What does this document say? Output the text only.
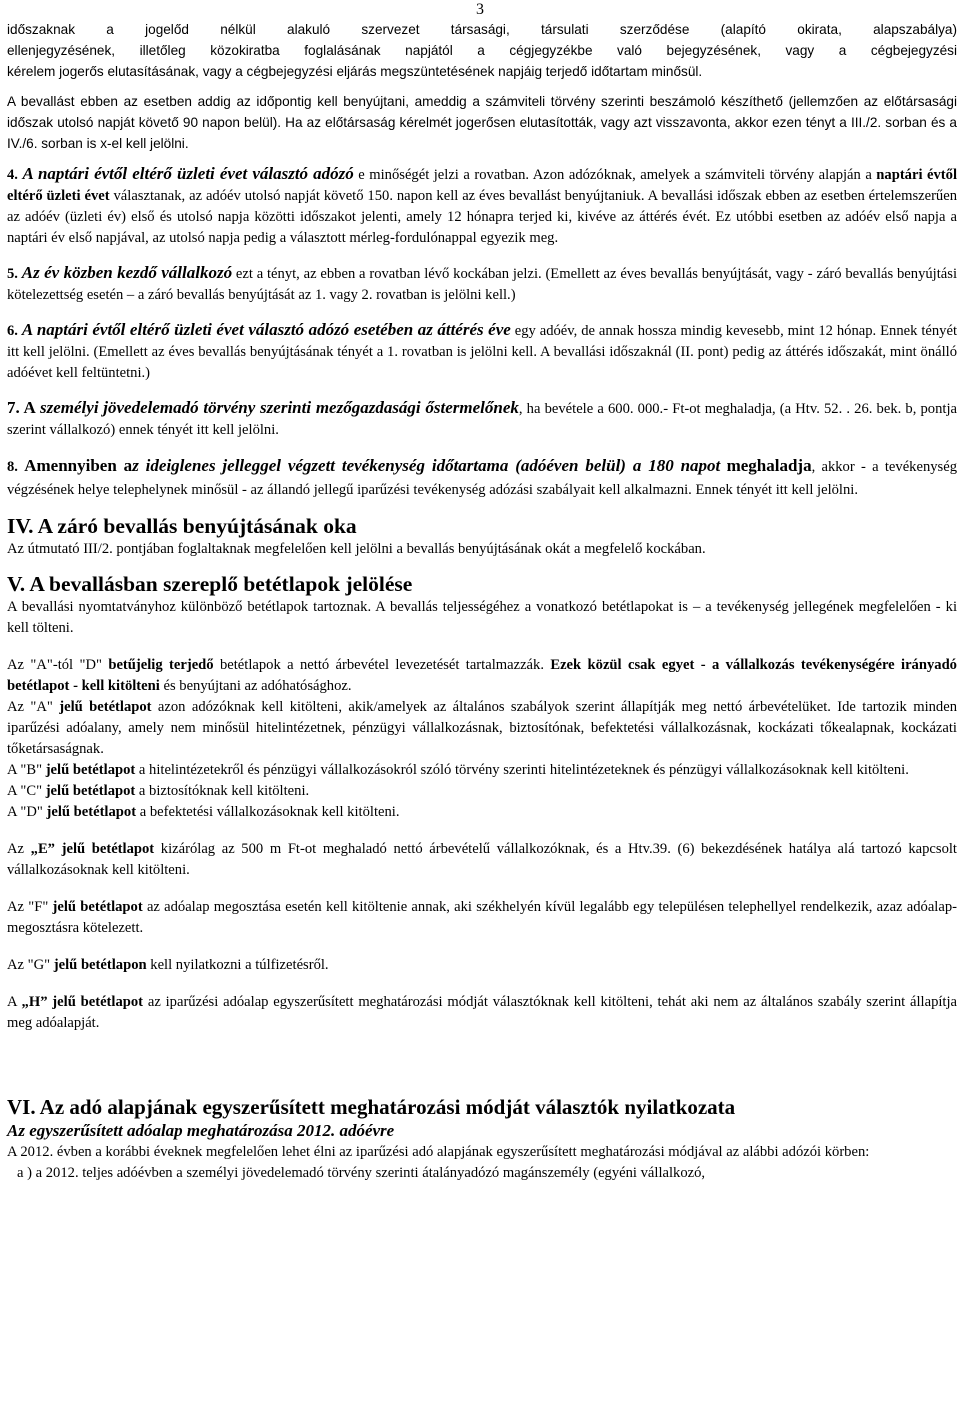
3

időszaknak a jogelőd nélkül alakuló szervezet társasági, társulati szerződése (alapító okirata, alapszabálya)

ellenjegyzésének, illetőleg közokiratba foglalásának napjától a cégjegyzékbe való bejegyzésének, vagy a cégbejegyzési

kérelem jogerős elutasításának, vagy a cégbejegyzési eljárás megszüntetésének napjáig terjedő időtartam minősül.

A bevallást ebben az esetben addig az időpontig kell benyújtani, ameddig a számviteli törvény szerinti beszámoló készíthető (jellemzően az előtársasági időszak utolsó napját követő 90 napon belül). Ha az előtársaság kérelmét jogerősen elutasították, vagy azt visszavonta, akkor ezen tényt a III./2. sorban és a IV./6. sorban is x-el kell jelölni.

4. A naptári évtől eltérő üzleti évet választó adózó e minőségét jelzi a rovatban. Azon adózóknak, amelyek a számviteli törvény alapján a naptári évtől eltérő üzleti évet választanak, az adóév utolsó napját követő 150. napon kell az éves bevallást benyújtaniuk. A bevallási időszak ebben az esetben értelemszerűen az adóév (üzleti év) első és utolsó napja közötti időszakot jelenti, amely 12 hónapra terjed ki, kivéve az áttérés évét. Ez utóbbi esetben az adóév első napja a naptári év első napjával, az utolsó napja pedig a választott mérleg-fordulónappal egyezik meg.

5. Az év közben kezdő vállalkozó ezt a tényt, az ebben a rovatban lévő kockában jelzi. (Emellett az éves bevallás benyújtását, vagy - záró bevallás benyújtási kötelezettség esetén – a záró bevallás benyújtását az 1. vagy 2. rovatban is jelölni kell.)

6. A naptári évtől eltérő üzleti évet választó adózó esetében az áttérés éve egy adóév, de annak hossza mindig kevesebb, mint 12 hónap. Ennek tényét itt kell jelölni. (Emellett az éves bevallás benyújtásának tényét a 1. rovatban is jelölni kell. A bevallási időszaknál (II. pont) pedig az áttérés időszakát, mint önálló adóévet kell feltüntetni.)

7. A személyi jövedelemadó törvény szerinti mezőgazdasági őstermelőnek, ha bevétele a 600. 000.- Ft-ot meghaladja, (a Htv. 52. . 26. bek. b, pontja szerint vállalkozó) ennek tényét itt kell jelölni.

8. Amennyiben az ideiglenes jelleggel végzett tevékenység időtartama (adóéven belül) a 180 napot meghaladja, akkor - a tevékenység végzésének helye telephelynek minősül - az állandó jellegű iparűzési tevékenység adózási szabályait kell alkalmazni. Ennek tényét itt kell jelölni.

IV. A záró bevallás benyújtásának oka

Az útmutató III/2. pontjában foglaltaknak megfelelően kell jelölni a bevallás benyújtásának okát a megfelelő kockában.

V. A bevallásban szereplő betétlapok jelölése

A bevallási nyomtatványhoz különböző betétlapok tartoznak. A bevallás teljességéhez a vonatkozó betétlapokat is – a tevékenység jellegének megfelelően - ki kell tölteni.

Az "A"-tól "D" betűjelig terjedő betétlapok a nettó árbevétel levezetését tartalmazzák. Ezek közül csak egyet - a vállalkozás tevékenységére irányadó betétlapot - kell kitölteni és benyújtani az adóhatósághoz.

Az "A" jelű betétlapot azon adózóknak kell kitölteni, akik/amelyek az általános szabályok szerint állapítják meg nettó árbevételüket. Ide tartozik minden iparűzési adóalany, amely nem minősül hitelintézetnek, pénzügyi vállalkozásnak, biztosítónak, befektetési vállalkozásnak, kockázati tőkealapnak, kockázati tőketársaságnak.

A "B" jelű betétlapot a hitelintézetekről és pénzügyi vállalkozásokról szóló törvény szerinti hitelintézeteknek és pénzügyi vállalkozásoknak kell kitölteni.

A "C" jelű betétlapot a biztosítóknak kell kitölteni.

A "D" jelű betétlapot a befektetési vállalkozásoknak kell kitölteni.

Az „E” jelű betétlapot kizárólag az 500 m Ft-ot meghaladó nettó árbevételű vállalkozóknak, és a Htv.39. (6) bekezdésének hatálya alá tartozó kapcsolt vállalkozásoknak kell kitölteni.

Az "F" jelű betétlapot az adóalap megosztása esetén kell kitöltenie annak, aki székhelyén kívül legalább egy településen telephellyel rendelkezik, azaz adóalap-megosztásra kötelezett.

Az "G" jelű betétlapon kell nyilatkozni a túlfizetésről.

A „H” jelű betétlapot az iparűzési adóalap egyszerűsített meghatározási módját választóknak kell kitölteni, tehát aki nem az általános szabály szerint állapítja meg adóalapját.

VI. Az adó alapjának egyszerűsített meghatározási módját választók nyilatkozata

Az egyszerűsített adóalap meghatározása 2012. adóévre

A 2012. évben a korábbi éveknek megfelelően lehet élni az iparűzési adó alapjának egyszerűsített meghatározási módjával az alábbi adózói körben:

a ) a 2012. teljes adóévben a személyi jövedelemadó törvény szerinti átalányadózó magánszemély (egyéni vállalkozó,
